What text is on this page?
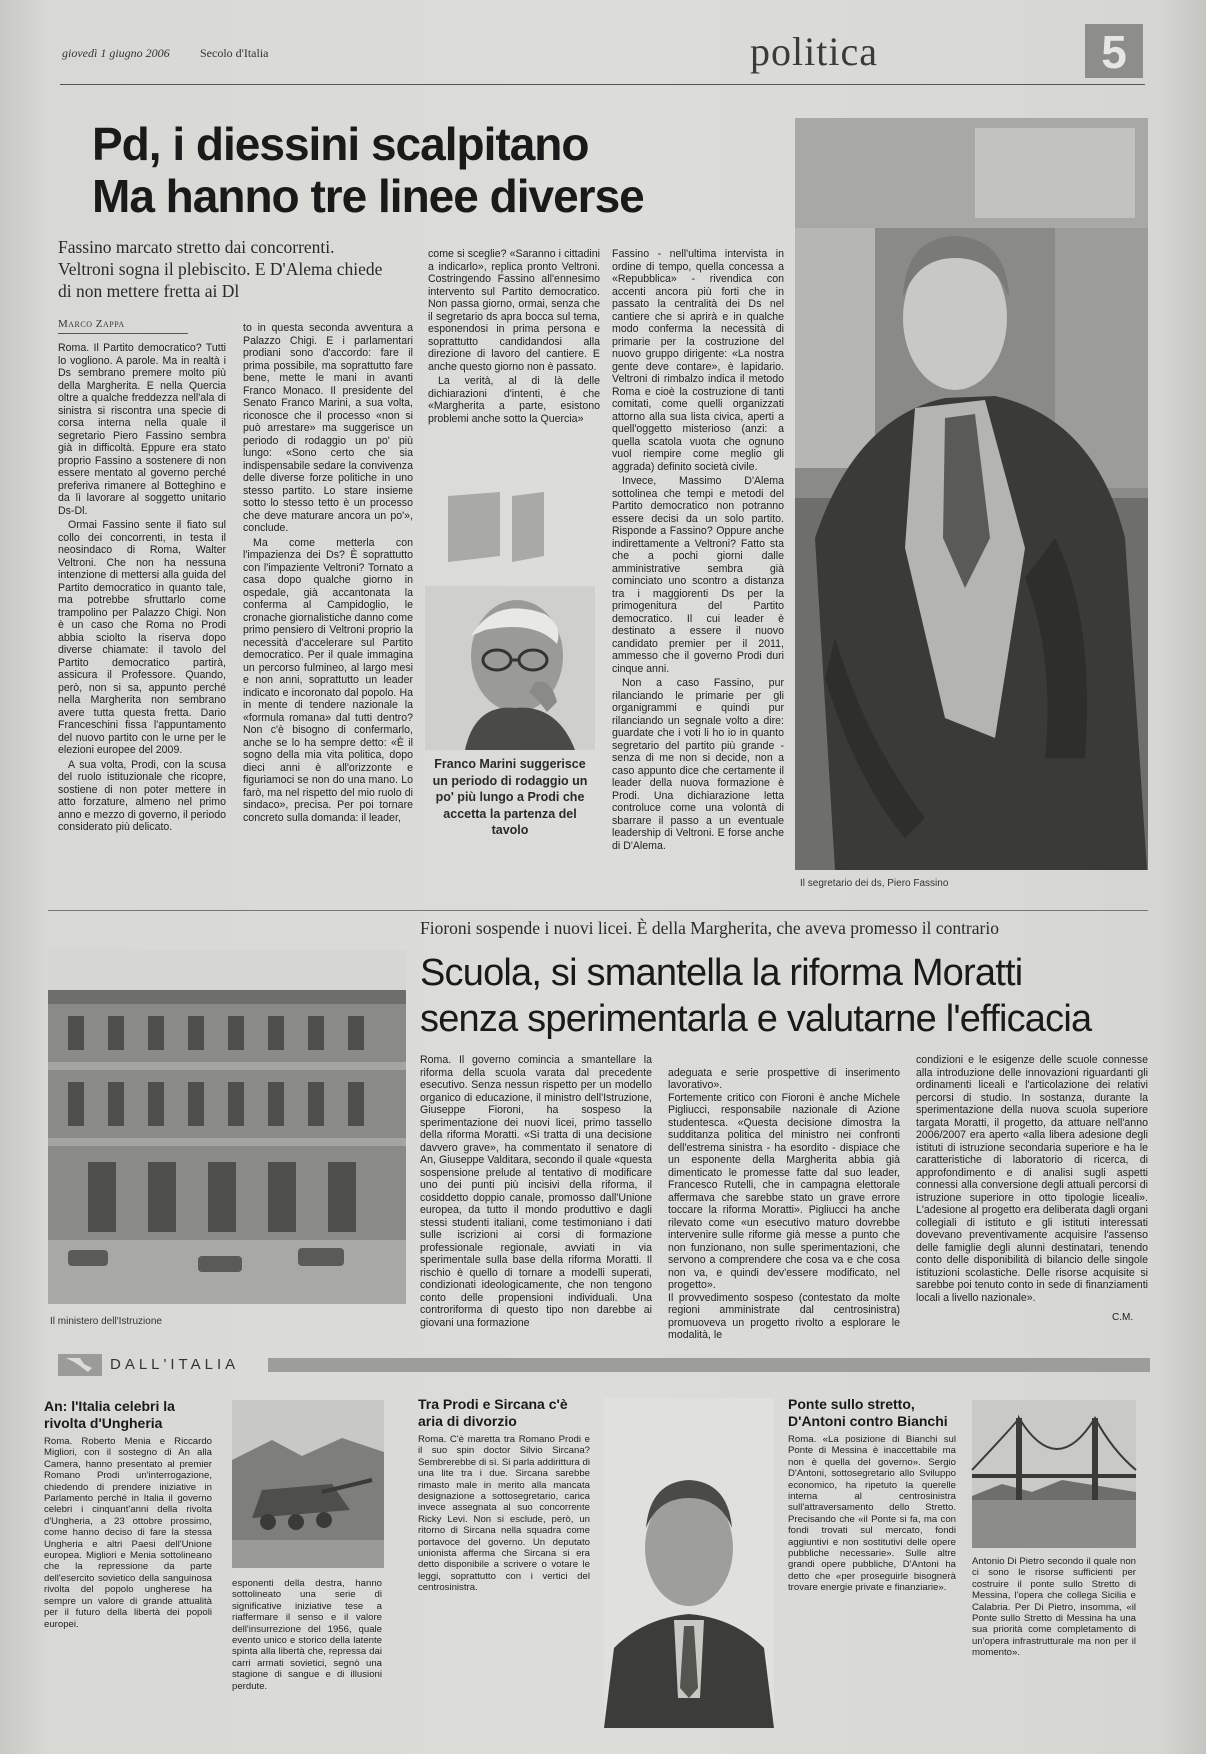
giovedì 1 giugno 2006	Secolo d'Italia	politica	5
Pd, i diessini scalpitano
Ma hanno tre linee diverse
Fassino marcato stretto dai concorrenti. Veltroni sogna il plebiscito. E D'Alema chiede di non mettere fretta ai Dl
Marco Zappa

Roma. Il Partito democratico? Tutti lo vogliono. A parole. Ma in realtà i Ds sembrano premere molto più della Margherita. E nella Quercia oltre a qualche freddezza nell'ala di sinistra si riscontra una specie di corsa interna nella quale il segretario Piero Fassino sembra già in difficoltà. Eppure era stato proprio Fassino a sostenere di non essere mentato al governo perché preferiva rimanere al Botteghino e da lì lavorare al soggetto unitario Ds-Dl.

Ormai Fassino sente il fiato sul collo dei concorrenti, in testa il neosindaco di Roma, Walter Veltroni. Che non ha nessuna intenzione di mettersi alla guida del Partito democratico in quanto tale, ma potrebbe sfruttarlo come trampolino per Palazzo Chigi. Non è un caso che Roma no Prodi abbia sciolto la riserva dopo diverse chiamate: il tavolo del Partito democratico partirà, assicura il Professore. Quando, però, non si sa, appunto perché nella Margherita non sembrano avere tutta questa fretta. Dario Franceschini fissa l'appuntamento del nuovo partito con le urne per le elezioni europee del 2009.

A sua volta, Prodi, con la scusa del ruolo istituzionale che ricopre, sostiene di non poter mettere in atto forzature, almeno nel primo anno e mezzo di governo, il periodo considerato più delicato.

to in questa seconda avventura a Palazzo Chigi. E i parlamentari prodiani sono d'accordo: fare il prima possibile, ma soprattutto fare bene, mette le mani in avanti Franco Monaco. Il presidente del Senato Franco Marini, a sua volta, riconosce che il processo «non si può arrestare» ma suggerisce un periodo di rodaggio un po' più lungo: «Sono certo che sia indispensabile sedare la convivenza delle diverse forze politiche in uno stesso partito. Lo stare insieme sotto lo stesso tetto è un processo che deve maturare ancora un po'», conclude.

Ma come metterla con l'impazienza dei Ds? È soprattutto con l'impaziente Veltroni? Tornato a casa dopo qualche giorno in ospedale, già accantonata la conferma al Campidoglio, le cronache giornalistiche danno come primo pensiero di Veltroni proprio la necessità d'accelerare sul Partito democratico. Per il quale immagina un percorso fulmineo, al largo mesi e non anni, soprattutto un leader indicato e incoronato dal popolo. Ha in mente di tendere nazionale la «formula romana» dal tutti dentro? Non c'è bisogno di confermarlo, anche se lo ha sempre detto: «È il sogno della mia vita politica, dopo dieci anni è all'orizzonte e figuriamoci se non do una mano. Lo farò, ma nel rispetto del mio ruolo di sindaco», precisa. Per poi tornare concreto sulla domanda: il leader,

come si sceglie? «Saranno i cittadini a indicarlo», replica pronto Veltroni. Costringendo Fassino all'ennesimo intervento sul Partito democratico. Non passa giorno, ormai, senza che il segretario ds apra bocca sul tema, esponendosi in prima persona e soprattutto candidandosi alla direzione di lavoro del cantiere. E anche questo giorno non è passato.

La verità, al di là delle dichiarazioni d'intenti, è che «Margherita a parte, esistono problemi anche sotto la Quercia»

Fassino - nell'ultima intervista in ordine di tempo, quella concessa a «Repubblica» - rivendica con accenti ancora più forti che in passato la centralità dei Ds nel cantiere che si aprirà e in qualche modo conferma la necessità di primarie per la costruzione del nuovo gruppo dirigente: «La nostra gente deve contare», è lapidario. Veltroni di rimbalzo indica il metodo Roma e cioè la costruzione di tanti comitati, come quelli organizzati attorno alla sua lista civica, aperti a quell'oggetto misterioso (anzi: a quella scatola vuota che ognuno vuol riempire come meglio gli aggrada) definito società civile.

Invece, Massimo D'Alema sottolinea che tempi e metodi del Partito democratico non potranno essere decisi da un solo partito. Risponde a Fassino? Oppure anche indirettamente a Veltroni? Fatto sta che a pochi giorni dalle amministrative sembra già cominciato uno scontro a distanza tra i maggiorenti Ds per la primogenitura del Partito democratico. Il cui leader è destinato a essere il nuovo candidato premier per il 2011, ammesso che il governo Prodi duri cinque anni.

Non a caso Fassino, pur rilanciando le primarie per gli organigrammi e quindi pur rilanciando un segnale volto a dire: guardate che i voti li ho io in quanto segretario del partito più grande - senza di me non si decide, non a caso appunto dice che certamente il leader della nuova formazione è Prodi. Una dichiarazione letta controluce come una volontà di sbarrare il passo a un eventuale leadership di Veltroni. E forse anche di D'Alema.

Franco Marini suggerisce un periodo di rodaggio un po' più lungo a Prodi che accetta la partenza del tavolo
Il segretario dei ds, Piero Fassino
Fioroni sospende i nuovi licei. È della Margherita, che aveva promesso il contrario
Scuola, si smantella la riforma Moratti
senza sperimentarla e valutarne l'efficacia
Il ministero dell'Istruzione

Roma. Il governo comincia a smantellare la riforma della scuola varata dal precedente esecutivo. Senza nessun rispetto per un modello organico di educazione, il ministro dell'Istruzione, Giuseppe Fioroni, ha sospeso la sperimentazione dei nuovi licei, primo tassello della riforma Moratti. «Si tratta di una decisione davvero grave», ha commentato il senatore di An, Giuseppe Valditara, secondo il quale «questa sospensione prelude al tentativo di modificare uno dei punti più incisivi della riforma, il cosiddetto doppio canale, promosso dall'Unione europea, da tutto il mondo produttivo e dagli stessi studenti italiani, come testimoniano i dati sulle iscrizioni ai corsi di formazione professionale regionale, avviati in via sperimentale sulla base della riforma Moratti. Il rischio è quello di tornare a modelli superati, condizionati ideologicamente, che non tengono conto delle propensioni individuali. Una controriforma di questo tipo non darebbe ai giovani una formazione

adeguata e serie prospettive di inserimento lavorativo».
Fortemente critico con Fioroni è anche Michele Pigliucci, responsabile nazionale di Azione studentesca. «Questa decisione dimostra la sudditanza politica del ministro nei confronti dell'estrema sinistra - ha esordito - dispiace che un esponente della Margherita abbia già dimenticato le promesse fatte dal suo leader, Francesco Rutelli, che in campagna elettorale affermava che sarebbe stato un grave errore toccare la riforma Moratti». Pigliucci ha anche rilevato come «un esecutivo maturo dovrebbe intervenire sulle riforme già messe a punto che non funzionano, non sulle sperimentazioni, che servono a comprendere che cosa va e che cosa non va, e quindi dev'essere modificato, nel progetto».
Il provvedimento sospeso (contestato da molte regioni amministrate dal centrosinistra) promuoveva un progetto rivolto a esplorare le modalità, le

condizioni e le esigenze delle scuole connesse alla introduzione delle innovazioni riguardanti gli ordinamenti liceali e l'articolazione dei relativi percorsi di studio. In sostanza, durante la sperimentazione della nuova scuola superiore targata Moratti, il progetto, da attuare nell'anno 2006/2007 era aperto «alla libera adesione degli istituti di istruzione secondaria superiore e ha le caratteristiche di laboratorio di ricerca, di approfondimento e di analisi sugli aspetti connessi alla conversione degli attuali percorsi di istruzione superiore in otto tipologie liceali». L'adesione al progetto era deliberata dagli organi collegiali di istituto e gli istituti interessati dovevano preventivamente acquisire l'assenso delle famiglie degli alunni destinatari, tenendo conto delle disponibilità di bilancio delle singole istituzioni scolastiche. Delle risorse acquisite si sarebbe poi tenuto conto in sede di finanziamenti locali a livello nazionale».

C.M.
DALL'ITALIA
An: l'Italia celebri la rivolta d'Ungheria

Roma. Roberto Menia e Riccardo Migliori, con il sostegno di An alla Camera, hanno presentato al premier Romano Prodi un'interrogazione, chiedendo di prendere iniziative in Parlamento perché in Italia il governo celebri i cinquant'anni della rivolta d'Ungheria, a 23 ottobre prossimo, come hanno deciso di fare la stessa Ungheria e altri Paesi dell'Unione europea. Migliori e Menia sottolineano che la repressione da parte dell'esercito sovietico della sanguinosa rivolta del popolo ungherese ha sempre un valore di grande attualità per il futuro della libertà dei popoli europei.

esponenti della destra, hanno sottolineato una serie di significative iniziative tese a riaffermare il senso e il valore dell'insurrezione del 1956, quale evento unico e storico della latente spinta alla libertà che, repressa dai carri armati sovietici, segnò una stagione di sangue e di illusioni perdute.

Tra Prodi e Sircana c'è aria di divorzio

Roma. C'è maretta tra Romano Prodi e il suo spin doctor Silvio Sircana? Sembrerebbe di sì. Si parla addirittura di una lite tra i due. Sircana sarebbe rimasto male in merito alla mancata designazione a sottosegretario, carica invece assegnata al suo concorrente Ricky Levi. Non si esclude, però, un ritorno di Sircana nella squadra come portavoce del governo. Un deputato unionista afferma che Sircana si era detto disponibile a scrivere o votare le leggi, soprattutto con i vertici del centrosinistra.

Ponte sullo stretto, D'Antoni contro Bianchi

Roma. «La posizione di Bianchi sul Ponte di Messina è inaccettabile ma non è quella del governo». Sergio D'Antoni, sottosegretario allo Sviluppo economico, ha ripetuto la querelle interna al centrosinistra sull'attraversamento dello Stretto. Precisando che «il Ponte si fa, ma con fondi trovati sul mercato, fondi aggiuntivi e non sostitutivi delle opere pubbliche necessarie». Sulle altre grandi opere pubbliche, D'Antoni ha detto che «per proseguirle bisognerà trovare energie private e finanziarie».

Antonio Di Pietro secondo il quale non ci sono le risorse sufficienti per costruire il ponte sullo Stretto di Messina, l'opera che collega Sicilia e Calabria. Per Di Pietro, insomma, «il Ponte sullo Stretto di Messina ha una sua priorità come completamento di un'opera infrastrutturale ma non per il momento».
